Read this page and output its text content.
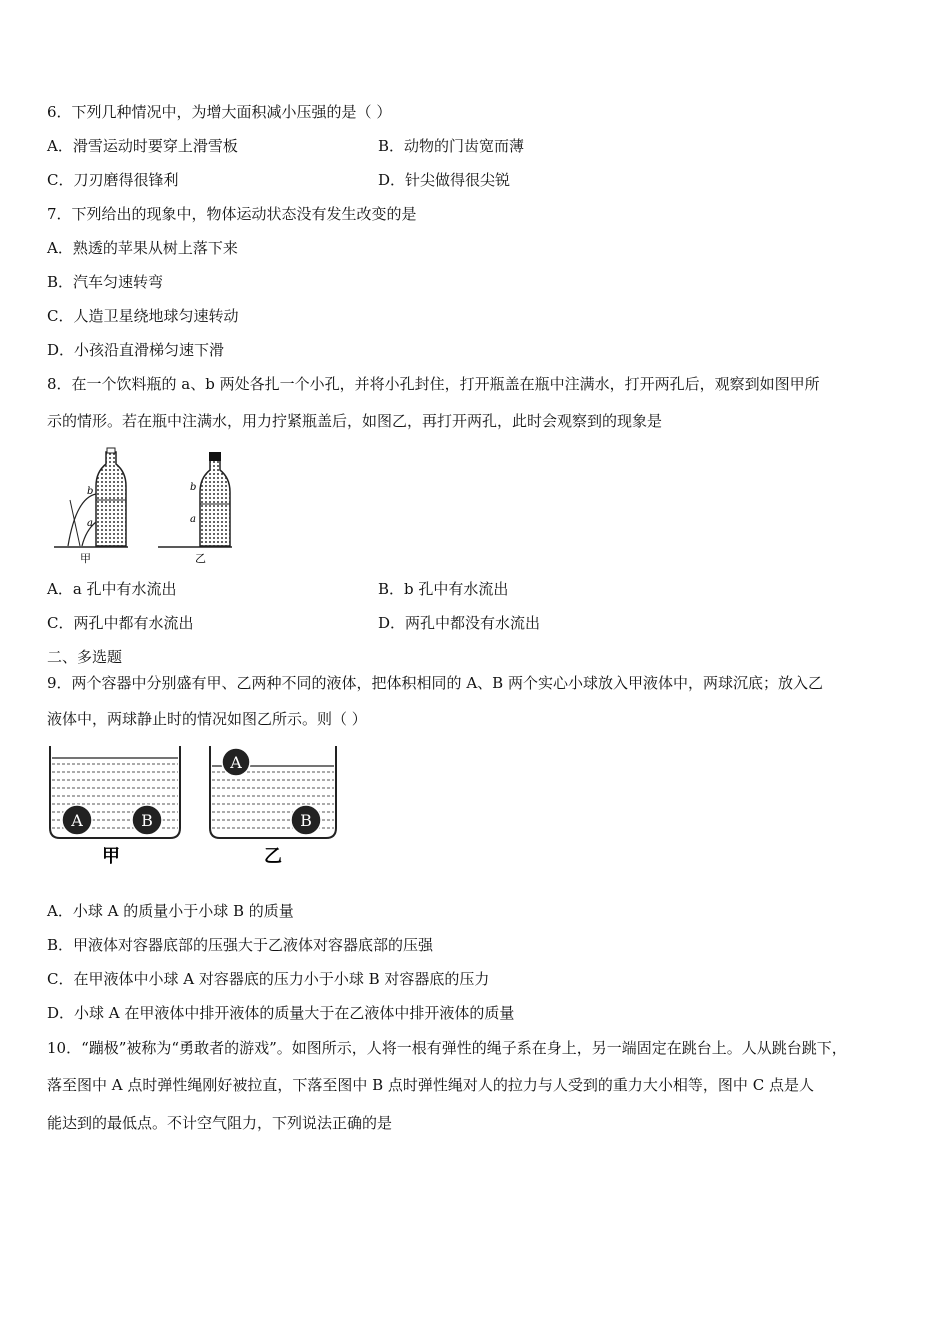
6．下列几种情况中，为增大面积减小压强的是（ ）
A．滑雪运动时要穿上滑雪板	B．动物的门齿宽而薄
C．刀刃磨得很锋利	D．针尖做得很尖锐
7．下列给出的现象中，物体运动状态没有发生改变的是
A．熟透的苹果从树上落下来
B．汽车匀速转弯
C．人造卫星绕地球匀速转动
D．小孩沿直滑梯匀速下滑
8．在一个饮料瓶的 a、b 两处各扎一个小孔，并将小孔封住，打开瓶盖在瓶中注满水，打开两孔后，观察到如图甲所
示的情形。若在瓶中注满水，用力拧紧瓶盖后，如图乙，再打开两孔，此时会观察到的现象是
b
a
甲
b
a
乙
A．a 孔中有水流出	B．b 孔中有水流出
C．两孔中都有水流出	D．两孔中都没有水流出
二、多选题
9．两个容器中分别盛有甲、乙两种不同的液体，把体积相同的 A、B 两个实心小球放入甲液体中，两球沉底；放入乙
液体中，两球静止时的情况如图乙所示。则（ ）
A	B
甲
A
B
乙
A．小球 A 的质量小于小球 B 的质量
B．甲液体对容器底部的压强大于乙液体对容器底部的压强
C．在甲液体中小球 A 对容器底的压力小于小球 B 对容器底的压力
D．小球 A 在甲液体中排开液体的质量大于在乙液体中排开液体的质量
10．“蹦极”被称为“勇敢者的游戏”。如图所示，人将一根有弹性的绳子系在身上，另一端固定在跳台上。人从跳台跳下，
落至图中 A 点时弹性绳刚好被拉直，下落至图中 B 点时弹性绳对人的拉力与人受到的重力大小相等，图中 C 点是人
能达到的最低点。不计空气阻力，下列说法正确的是
